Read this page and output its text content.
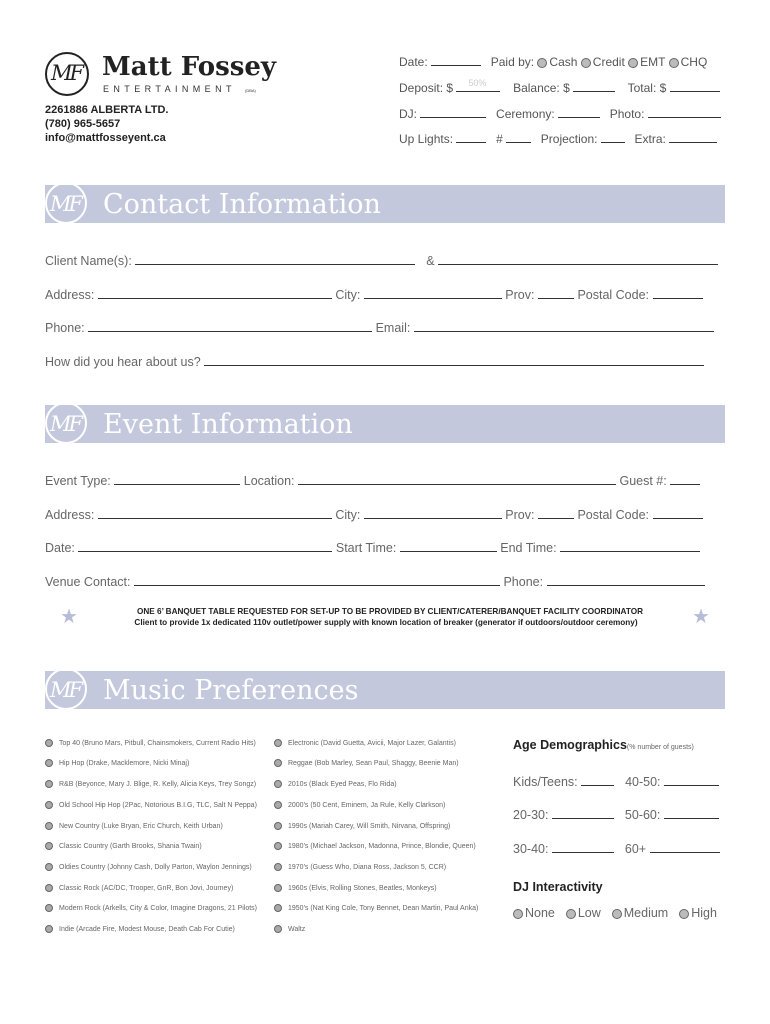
MF Matt Fossey
ENTERTAINMENT (DBA)
2261886 ALBERTA LTD.
(780) 965-5657
info@mattfosseyent.ca
Date:	Paid by: Cash Credit EMT CHQ
Deposit: $ 50% Balance: $	Total: $
DJ:	Ceremony:	Photo:
Up Lights:	#	Projection:	Extra:
MF Contact Information
Client Name(s):	&
Address:	City:	Prov:	Postal Code:
Phone:	Email:
How did you hear about us?
MF Event Information
Event Type:	Location:	Guest #:
Address:	City:	Prov:	Postal Code:
Date:	Start Time:	End Time:
Venue Contact:	Phone:
★	★
ONE 6’ BANQUET TABLE REQUESTED FOR SET-UP TO BE PROVIDED BY CLIENT/CATERER/BANQUET FACILITY COORDINATOR
Client to provide 1x dedicated 110v outlet/power supply with known location of breaker (generator if outdoors/outdoor ceremony)
MF Music Preferences
Top 40 (Bruno Mars, Pitbull, Chainsmokers, Current Radio Hits)
Hip Hop (Drake, Macklemore, Nicki Minaj)
R&B (Beyonce, Mary J. Blige, R. Kelly, Alicia Keys, Trey Songz)
Old School Hip Hop (2Pac, Notorious B.I.G, TLC, Salt N Peppa)
New Country (Luke Bryan, Eric Church, Keith Urban)
Classic Country (Garth Brooks, Shania Twain)
Oldies Country (Johnny Cash, Dolly Parton, Waylon Jennings)
Classic Rock (AC/DC, Trooper, GnR, Bon Jovi, Journey)
Modern Rock (Arkells, City & Color, Imagine Dragons, 21 Pilots)
Indie (Arcade Fire, Modest Mouse, Death Cab For Cutie)
Electronic (David Guetta, Avicii, Major Lazer, Galantis)
Reggae (Bob Marley, Sean Paul, Shaggy, Beenie Man)
2010s (Black Eyed Peas, Flo Rida)
2000's (50 Cent, Eminem, Ja Rule, Kelly Clarkson)
1990s (Mariah Carey, Will Smith, Nirvana, Offspring)
1980's (Michael Jackson, Madonna, Prince, Blondie, Queen)
1970's (Guess Who, Diana Ross, Jackson 5, CCR)
1960s (Elvis, Rolling Stones, Beatles, Monkeys)
1950's (Nat King Cole, Tony Bennet, Dean Martin, Paul Anka)
Waltz
Age Demographics(% number of guests)
Kids/Teens:	40-50:
20-30:	50-60:
30-40:	60+
DJ Interactivity
None Low Medium High
